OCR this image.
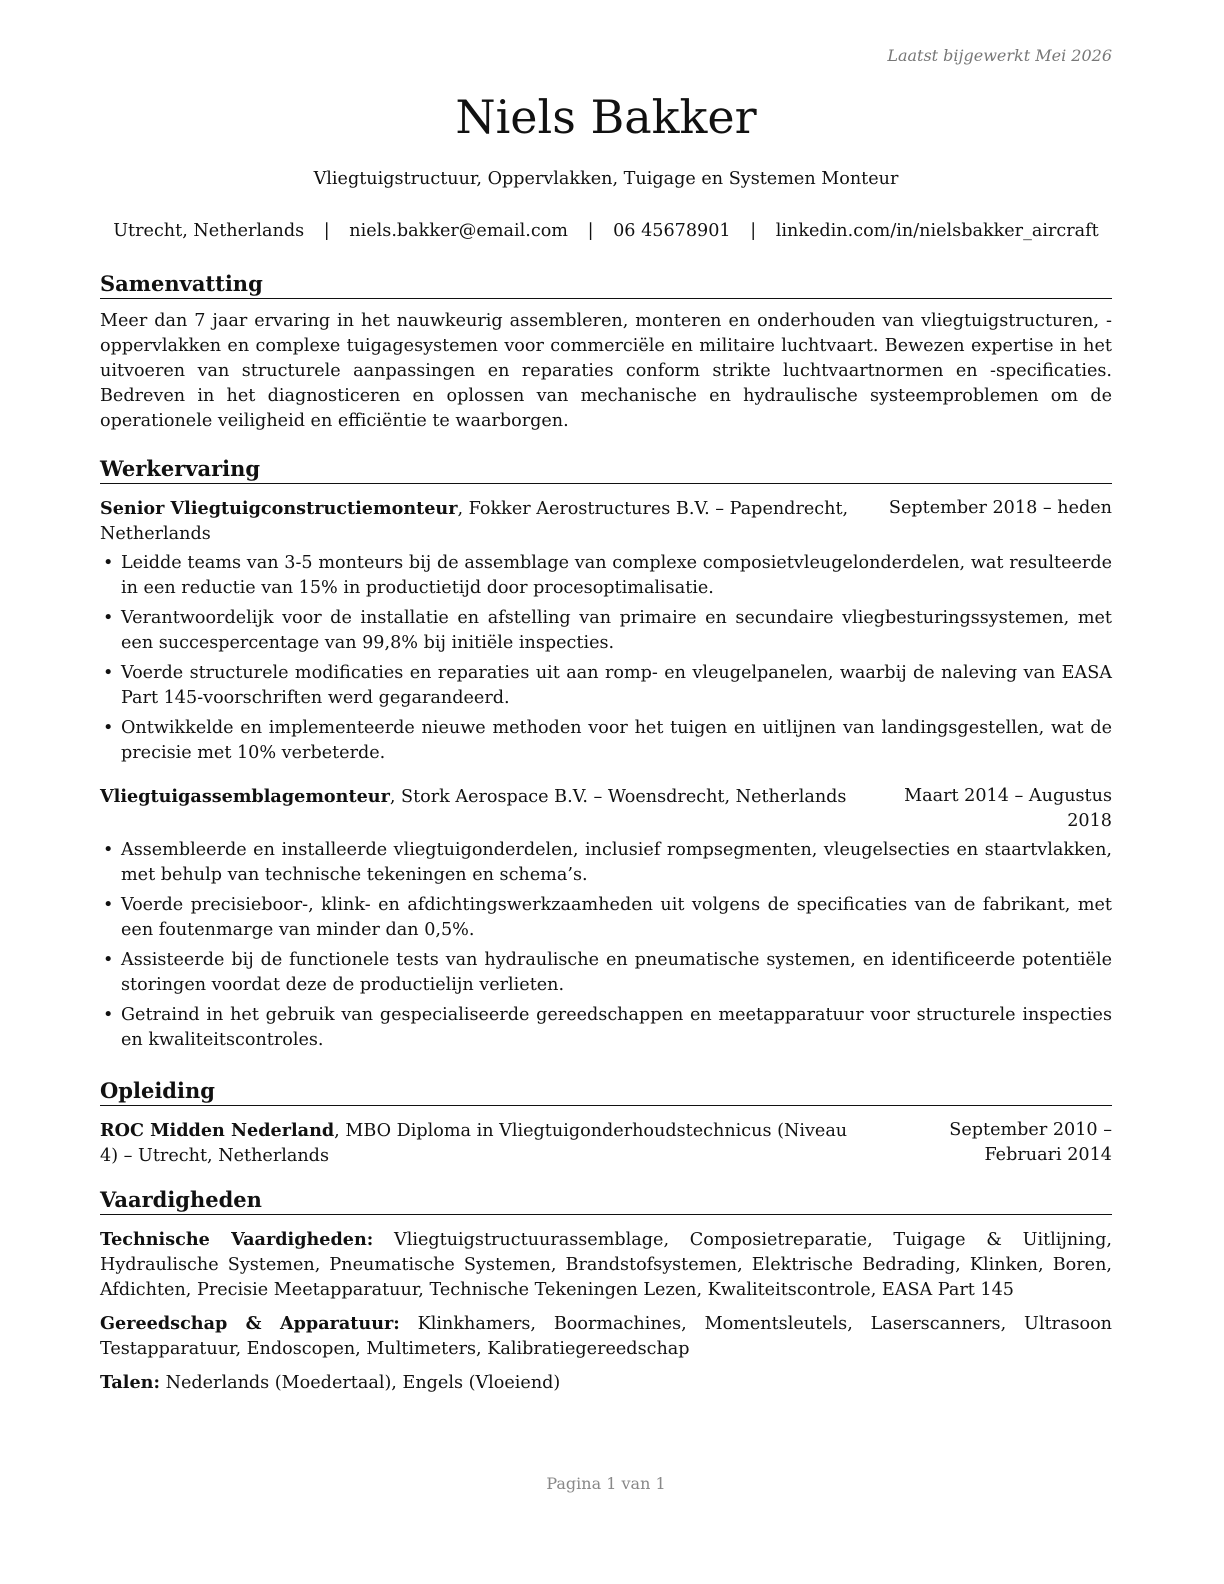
Laatst bijgewerkt Mei 2026
Niels Bakker
Vliegtuigstructuur, Oppervlakken, Tuigage en Systemen Monteur
Utrecht, Netherlands | niels.bakker@email.com | 06 45678901 | linkedin.com/in/nielsbakker_aircraft
Samenvatting
Meer dan 7 jaar ervaring in het nauwkeurig assembleren, monteren en onderhouden van vliegtuigstructuren, -oppervlakken en complexe tuigagesystemen voor commerciële en militaire luchtvaart. Bewezen expertise in het uitvoeren van structurele aanpassingen en reparaties conform strikte luchtvaartnormen en -specificaties. Bedreven in het diagnosticeren en oplossen van mechanische en hydraulische systeemproblemen om de operationele veiligheid en efficiëntie te waarborgen.
Werkervaring
Senior Vliegtuigconstructiemonteur, Fokker Aerostructures B.V. – Papendrecht, Netherlands
September 2018 – heden
• Leidde teams van 3-5 monteurs bij de assemblage van complexe composietvleugelonderdelen, wat resulteerde in een reductie van 15% in productietijd door procesoptimalisatie.
• Verantwoordelijk voor de installatie en afstelling van primaire en secundaire vliegbesturingssystemen, met een succespercentage van 99,8% bij initiële inspecties.
• Voerde structurele modificaties en reparaties uit aan romp- en vleugelpanelen, waarbij de naleving van EASA Part 145-voorschriften werd gegarandeerd.
• Ontwikkelde en implementeerde nieuwe methoden voor het tuigen en uitlijnen van landingsgestellen, wat de precisie met 10% verbeterde.
Vliegtuigassemblagemonteur, Stork Aerospace B.V. – Woensdrecht, Netherlands	Maart 2014 – Augustus 2018
• Assembleerde en installeerde vliegtuigonderdelen, inclusief rompsegmenten, vleugelsecties en staartvlakken, met behulp van technische tekeningen en schema’s.
• Voerde precisieboor-, klink- en afdichtingswerkzaamheden uit volgens de specificaties van de fabrikant, met een foutenmarge van minder dan 0,5%.
• Assisteerde bij de functionele tests van hydraulische en pneumatische systemen, en identificeerde potentiële storingen voordat deze de productielijn verlieten.
• Getraind in het gebruik van gespecialiseerde gereedschappen en meetapparatuur voor structurele inspecties en kwaliteitscontroles.
Opleiding
ROC Midden Nederland, MBO Diploma in Vliegtuigonderhoudstechnicus (Niveau 4) – Utrecht, Netherlands
September 2010 – Februari 2014
Vaardigheden
Technische Vaardigheden: Vliegtuigstructuurassemblage, Composietreparatie, Tuigage & Uitlijning, Hydraulische Systemen, Pneumatische Systemen, Brandstofsystemen, Elektrische Bedrading, Klinken, Boren, Afdichten, Precisie Meetapparatuur, Technische Tekeningen Lezen, Kwaliteitscontrole, EASA Part 145
Gereedschap & Apparatuur: Klinkhamers, Boormachines, Momentsleutels, Laserscanners, Ultrasoon Testapparatuur, Endoscopen, Multimeters, Kalibratiegereedschap
Talen: Nederlands (Moedertaal), Engels (Vloeiend)
Pagina 1 van 1
